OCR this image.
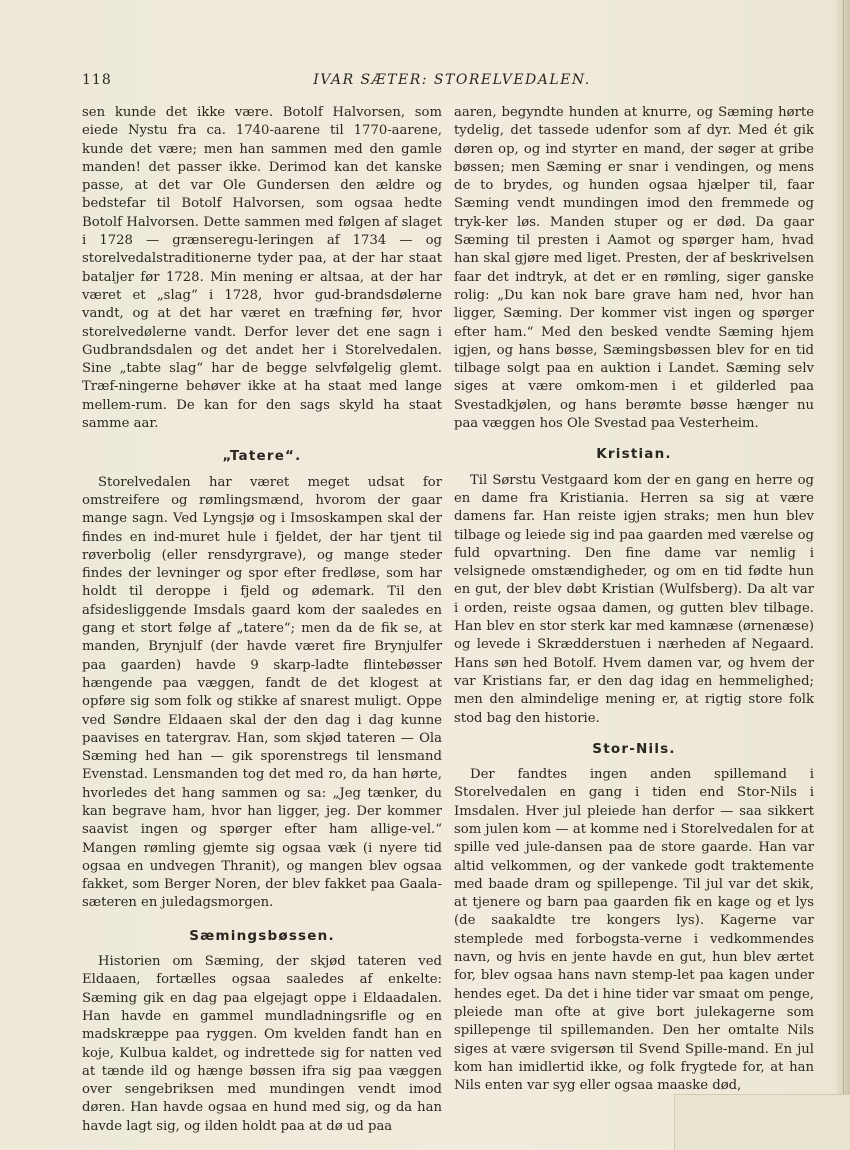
118	IVAR SÆTER: STORELVEDALEN.

sen kunde det ikke være. Botolf Halvorsen, som eiede Nystu fra ca. 1740-aarene til 1770-aarene, kunde det være; men han sammen med den gamle manden! det passer ikke. Derimod kan det kanske passe, at det var Ole Gundersen den ældre og bedstefar til Botolf Halvorsen, som ogsaa hedte Botolf Halvorsen. Dette sammen med følgen af slaget i 1728 — grænseregu-leringen af 1734 — og storelvedalstraditionerne tyder paa, at der har staat bataljer før 1728. Min mening er altsaa, at der har været et „slag“ i 1728, hvor gud-brandsdølerne vandt, og at det har været en træfning før, hvor storelvedølerne vandt. Derfor lever det ene sagn i Gudbrandsdalen og det andet her i Storelvedalen. Sine „tabte slag“ har de begge selvfølgelig glemt. Træf-ningerne behøver ikke at ha staat med lange mellem-rum. De kan for den sags skyld ha staat samme aar.

„Tatere“.

Storelvedalen har været meget udsat for omstreifere og rømlingsmænd, hvorom der gaar mange sagn. Ved Lyngsjø og i Imsoskampen skal der findes en ind-muret hule i fjeldet, der har tjent til røverbolig (eller rensdyrgrave), og mange steder findes der levninger og spor efter fredløse, som har holdt til deroppe i fjeld og ødemark. Til den afsidesliggende Imsdals gaard kom der saaledes en gang et stort følge af „tatere“; men da de fik se, at manden, Brynjulf (der havde været fire Brynjulfer paa gaarden) havde 9 skarp-ladte flintebøsser hængende paa væggen, fandt de det klogest at opføre sig som folk og stikke af snarest muligt. Oppe ved Søndre Eldaaen skal der den dag i dag kunne paavises en tatergrav. Han, som skjød tateren — Ola Sæming hed han — gik sporenstregs til lensmand Evenstad. Lensmanden tog det med ro, da han hørte, hvorledes det hang sammen og sa: „Jeg tænker, du kan begrave ham, hvor han ligger, jeg. Der kommer saavist ingen og spørger efter ham allige-vel.“ Mangen rømling gjemte sig ogsaa væk (i nyere tid ogsaa en undvegen Thranit), og mangen blev ogsaa fakket, som Berger Noren, der blev fakket paa Gaala-sæteren en juledagsmorgen.

Sæmingsbøssen.

Historien om Sæming, der skjød tateren ved Eldaaen, fortælles ogsaa saaledes af enkelte: Sæming gik en dag paa elgejagt oppe i Eldaadalen. Han havde en gammel mundladningsrifle og en madskræppe paa ryggen. Om kvelden fandt han en koje, Kulbua kaldet, og indrettede sig for natten ved at tænde ild og hænge bøssen ifra sig paa væggen over sengebriksen med mundingen vendt imod døren. Han havde ogsaa en hund med sig, og da han havde lagt sig, og ilden holdt paa at dø ud paa

aaren, begyndte hunden at knurre, og Sæming hørte tydelig, det tassede udenfor som af dyr. Med ét gik døren op, og ind styrter en mand, der søger at gribe bøssen; men Sæming er snar i vendingen, og mens de to brydes, og hunden ogsaa hjælper til, faar Sæming vendt mundingen imod den fremmede og tryk-ker løs. Manden stuper og er død. Da gaar Sæming til presten i Aamot og spørger ham, hvad han skal gjøre med liget. Presten, der af beskrivelsen faar det indtryk, at det er en rømling, siger ganske rolig: „Du kan nok bare grave ham ned, hvor han ligger, Sæming. Der kommer vist ingen og spørger efter ham.“ Med den besked vendte Sæming hjem igjen, og hans bøsse, Sæmingsbøssen blev for en tid tilbage solgt paa en auktion i Landet. Sæming selv siges at være omkom-men i et gilderled paa Svestadkjølen, og hans berømte bøsse hænger nu paa væggen hos Ole Svestad paa Vesterheim.

Kristian.

Til Sørstu Vestgaard kom der en gang en herre og en dame fra Kristiania. Herren sa sig at være damens far. Han reiste igjen straks; men hun blev tilbage og leiede sig ind paa gaarden med værelse og fuld opvartning. Den fine dame var nemlig i velsignede omstændigheder, og om en tid fødte hun en gut, der blev døbt Kristian (Wulfsberg). Da alt var i orden, reiste ogsaa damen, og gutten blev tilbage. Han blev en stor sterk kar med kamnæse (ørnenæse) og levede i Skrædderstuen i nærheden af Negaard. Hans søn hed Botolf. Hvem damen var, og hvem der var Kristians far, er den dag idag en hemmelighed; men den almindelige mening er, at rigtig store folk stod bag den historie.

Stor-Nils.

Der fandtes ingen anden spillemand i Storelvedalen en gang i tiden end Stor-Nils i Imsdalen. Hver jul pleiede han derfor — saa sikkert som julen kom — at komme ned i Storelvedalen for at spille ved jule-dansen paa de store gaarde. Han var altid velkommen, og der vankede godt traktemente med baade dram og spillepenge. Til jul var det skik, at tjenere og barn paa gaarden fik en kage og et lys (de saakaldte tre kongers lys). Kagerne var stemplede med forbogsta-verne i vedkommendes navn, og hvis en jente havde en gut, hun blev ærtet for, blev ogsaa hans navn stemp-let paa kagen under hendes eget. Da det i hine tider var smaat om penge, pleiede man ofte at give bort julekagerne som spillepenge til spillemanden. Den her omtalte Nils siges at være svigersøn til Svend Spille-mand. En jul kom han imidlertid ikke, og folk frygtede for, at han Nils enten var syg eller ogsaa maaske død,
